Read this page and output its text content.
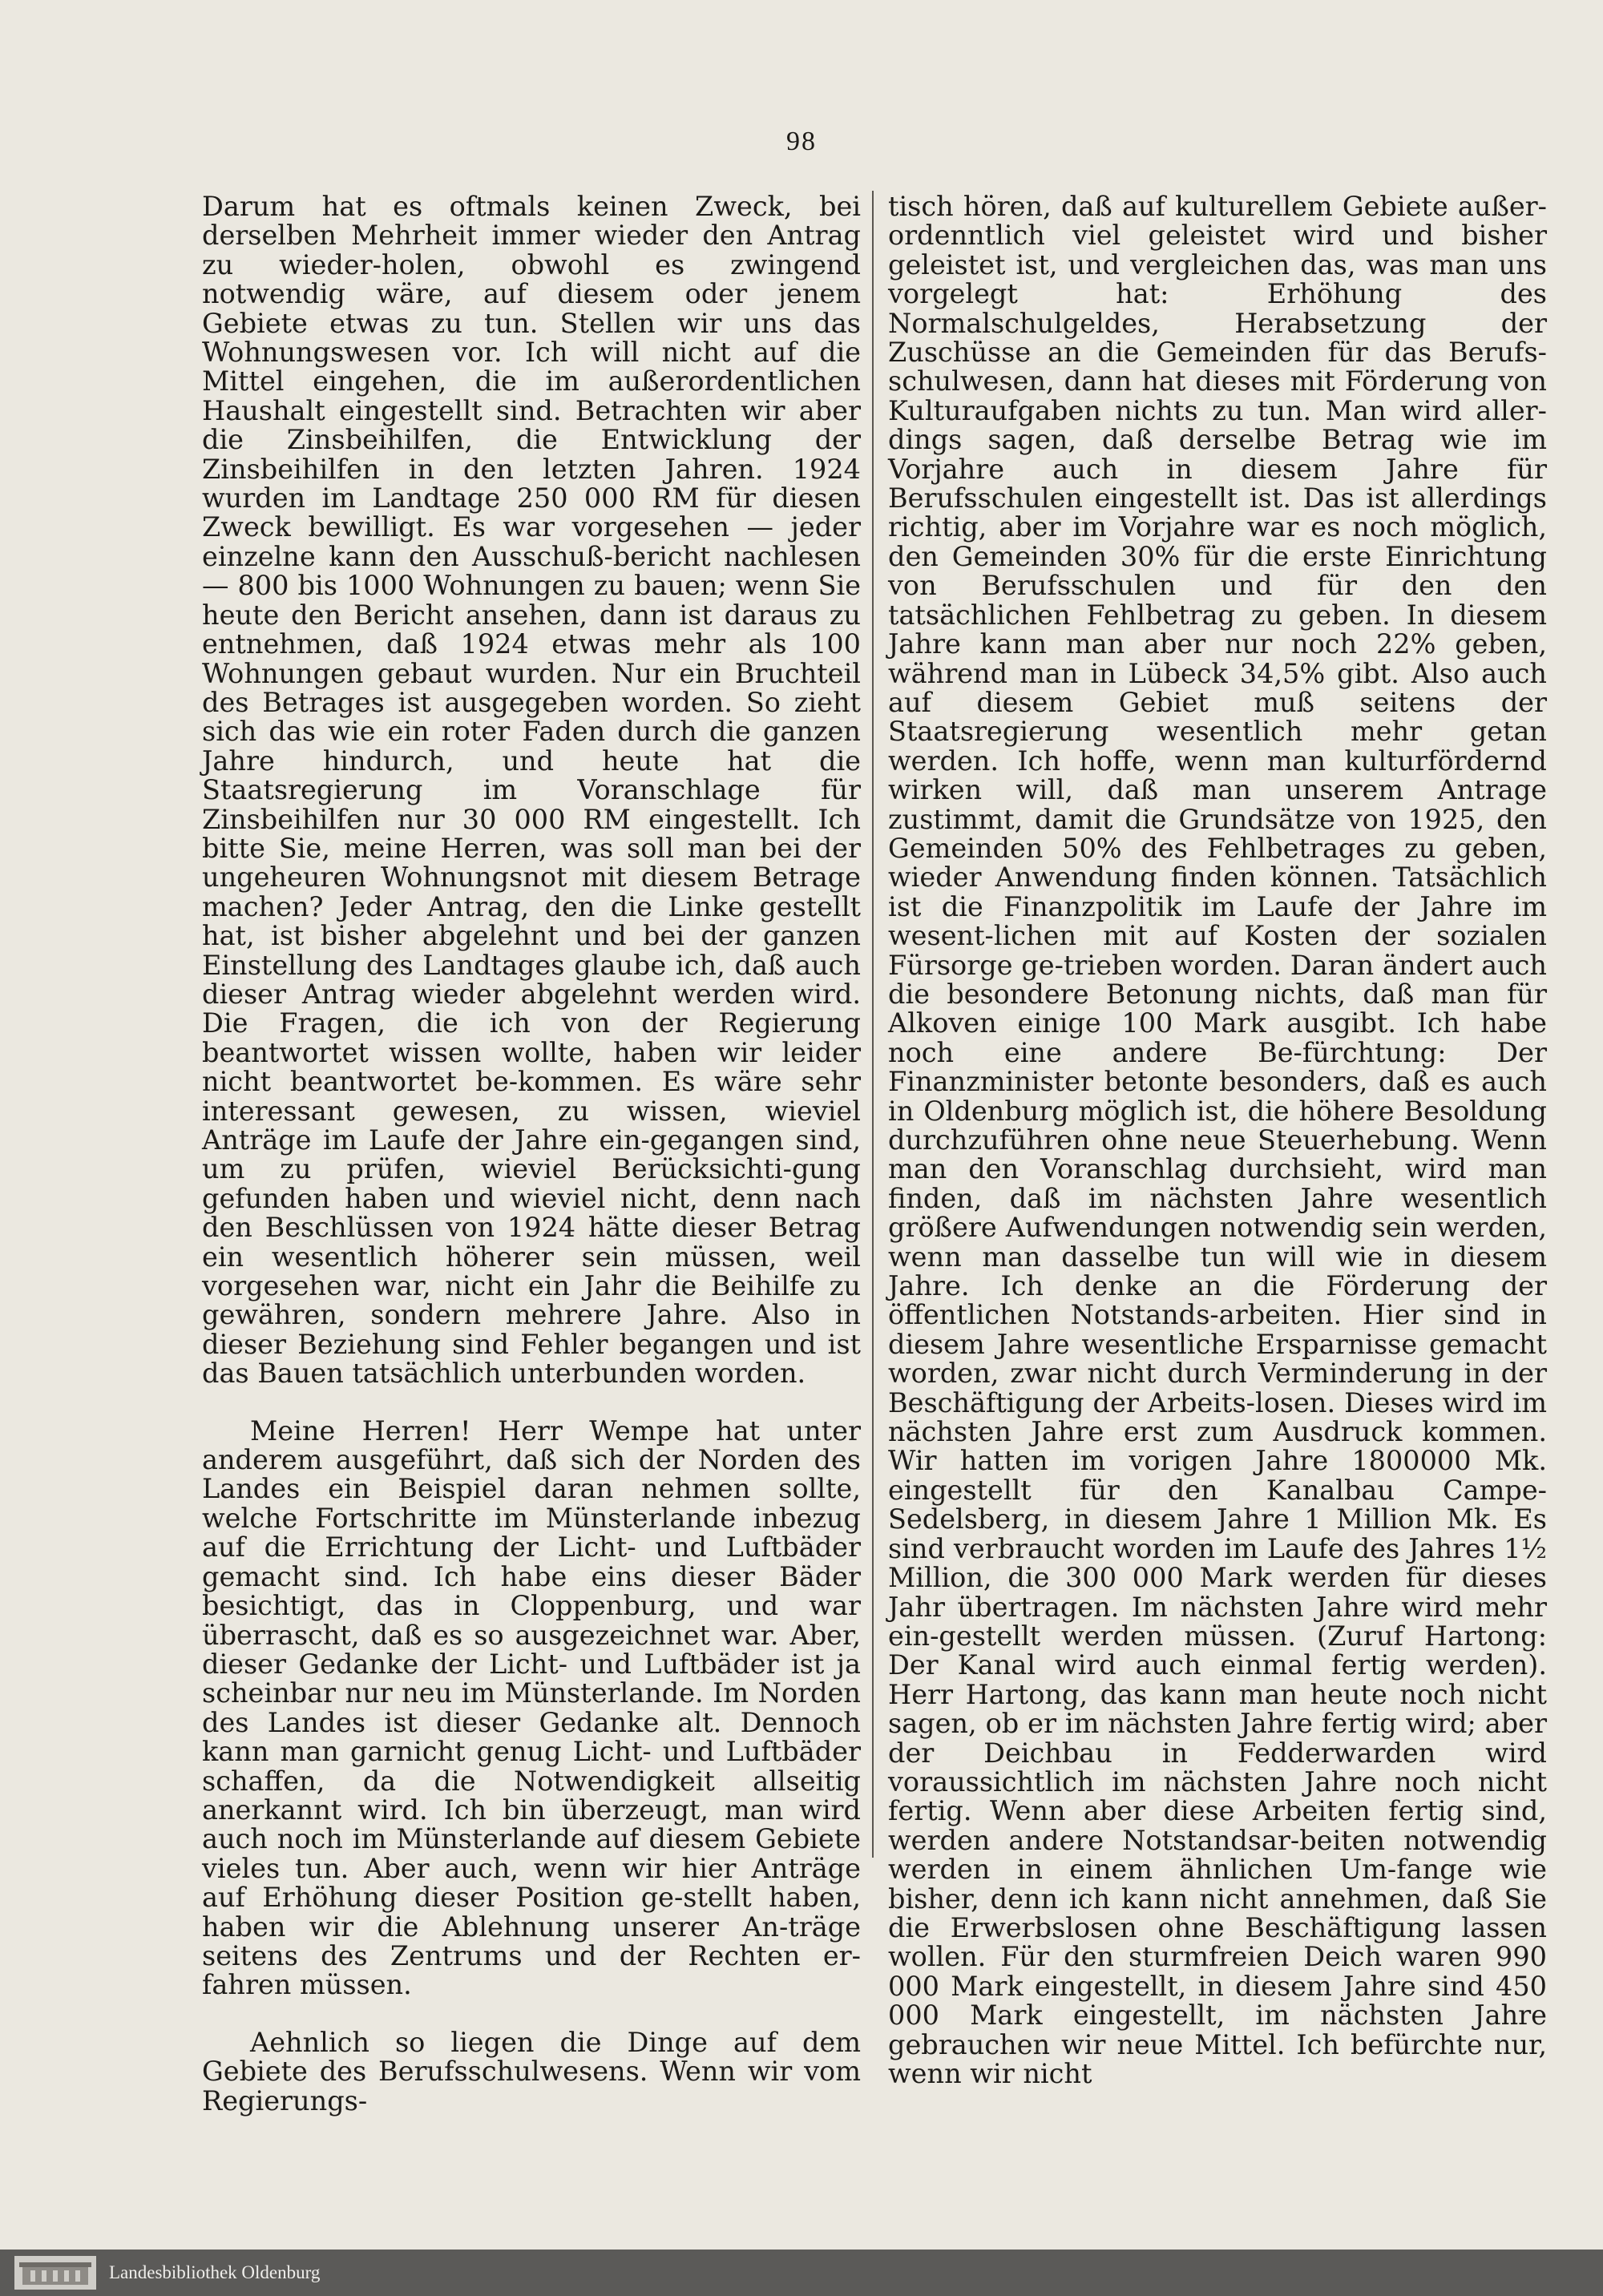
98

Darum hat es oftmals keinen Zweck, bei derselben Mehrheit immer wieder den Antrag zu wieder-holen, obwohl es zwingend notwendig wäre, auf diesem oder jenem Gebiete etwas zu tun. Stellen wir uns das Wohnungswesen vor. Ich will nicht auf die Mittel eingehen, die im außerordentlichen Haushalt eingestellt sind. Betrachten wir aber die Zinsbeihilfen, die Entwicklung der Zinsbeihilfen in den letzten Jahren. 1924 wurden im Landtage 250 000 RM für diesen Zweck bewilligt. Es war vorgesehen — jeder einzelne kann den Ausschuß-bericht nachlesen — 800 bis 1000 Wohnungen zu bauen; wenn Sie heute den Bericht ansehen, dann ist daraus zu entnehmen, daß 1924 etwas mehr als 100 Wohnungen gebaut wurden. Nur ein Bruchteil des Betrages ist ausgegeben worden. So zieht sich das wie ein roter Faden durch die ganzen Jahre hindurch, und heute hat die Staatsregierung im Voranschlage für Zinsbeihilfen nur 30 000 RM eingestellt. Ich bitte Sie, meine Herren, was soll man bei der ungeheuren Wohnungsnot mit diesem Betrage machen? Jeder Antrag, den die Linke gestellt hat, ist bisher abgelehnt und bei der ganzen Einstellung des Landtages glaube ich, daß auch dieser Antrag wieder abgelehnt werden wird. Die Fragen, die ich von der Regierung beantwortet wissen wollte, haben wir leider nicht beantwortet be-kommen. Es wäre sehr interessant gewesen, zu wissen, wieviel Anträge im Laufe der Jahre ein-gegangen sind, um zu prüfen, wieviel Berücksichti-gung gefunden haben und wieviel nicht, denn nach den Beschlüssen von 1924 hätte dieser Betrag ein wesentlich höherer sein müssen, weil vorgesehen war, nicht ein Jahr die Beihilfe zu gewähren, sondern mehrere Jahre. Also in dieser Beziehung sind Fehler begangen und ist das Bauen tatsächlich unterbunden worden.

Meine Herren! Herr Wempe hat unter anderem ausgeführt, daß sich der Norden des Landes ein Beispiel daran nehmen sollte, welche Fortschritte im Münsterlande inbezug auf die Errichtung der Licht- und Luftbäder gemacht sind. Ich habe eins dieser Bäder besichtigt, das in Cloppenburg, und war überrascht, daß es so ausgezeichnet war. Aber, dieser Gedanke der Licht- und Luftbäder ist ja scheinbar nur neu im Münsterlande. Im Norden des Landes ist dieser Gedanke alt. Dennoch kann man garnicht genug Licht- und Luftbäder schaffen, da die Notwendigkeit allseitig anerkannt wird. Ich bin überzeugt, man wird auch noch im Münsterlande auf diesem Gebiete vieles tun. Aber auch, wenn wir hier Anträge auf Erhöhung dieser Position ge-stellt haben, haben wir die Ablehnung unserer An-träge seitens des Zentrums und der Rechten er-fahren müssen.

Aehnlich so liegen die Dinge auf dem Gebiete des Berufsschulwesens. Wenn wir vom Regierungs-

tisch hören, daß auf kulturellem Gebiete außer-ordenntlich viel geleistet wird und bisher geleistet ist, und vergleichen das, was man uns vorgelegt hat: Erhöhung des Normalschulgeldes, Herabsetzung der Zuschüsse an die Gemeinden für das Berufs-schulwesen, dann hat dieses mit Förderung von Kulturaufgaben nichts zu tun. Man wird aller-dings sagen, daß derselbe Betrag wie im Vorjahre auch in diesem Jahre für Berufsschulen eingestellt ist. Das ist allerdings richtig, aber im Vorjahre war es noch möglich, den Gemeinden 30% für die erste Einrichtung von Berufsschulen und für den den tatsächlichen Fehlbetrag zu geben. In diesem Jahre kann man aber nur noch 22% geben, während man in Lübeck 34,5% gibt. Also auch auf diesem Gebiet muß seitens der Staatsregierung wesentlich mehr getan werden. Ich hoffe, wenn man kulturfördernd wirken will, daß man unserem Antrage zustimmt, damit die Grundsätze von 1925, den Gemeinden 50% des Fehlbetrages zu geben, wieder Anwendung finden können. Tatsächlich ist die Finanzpolitik im Laufe der Jahre im wesent-lichen mit auf Kosten der sozialen Fürsorge ge-trieben worden. Daran ändert auch die besondere Betonung nichts, daß man für Alkoven einige 100 Mark ausgibt. Ich habe noch eine andere Be-fürchtung: Der Finanzminister betonte besonders, daß es auch in Oldenburg möglich ist, die höhere Besoldung durchzuführen ohne neue Steuerhebung. Wenn man den Voranschlag durchsieht, wird man finden, daß im nächsten Jahre wesentlich größere Aufwendungen notwendig sein werden, wenn man dasselbe tun will wie in diesem Jahre. Ich denke an die Förderung der öffentlichen Notstands-arbeiten. Hier sind in diesem Jahre wesentliche Ersparnisse gemacht worden, zwar nicht durch Verminderung in der Beschäftigung der Arbeits-losen. Dieses wird im nächsten Jahre erst zum Ausdruck kommen. Wir hatten im vorigen Jahre 1800000 Mk. eingestellt für den Kanalbau Campe-Sedelsberg, in diesem Jahre 1 Million Mk. Es sind verbraucht worden im Laufe des Jahres 1½ Million, die 300 000 Mark werden für dieses Jahr übertragen. Im nächsten Jahre wird mehr ein-gestellt werden müssen. (Zuruf Hartong: Der Kanal wird auch einmal fertig werden). Herr Hartong, das kann man heute noch nicht sagen, ob er im nächsten Jahre fertig wird; aber der Deichbau in Fedderwarden wird voraussichtlich im nächsten Jahre noch nicht fertig. Wenn aber diese Arbeiten fertig sind, werden andere Notstandsar-beiten notwendig werden in einem ähnlichen Um-fange wie bisher, denn ich kann nicht annehmen, daß Sie die Erwerbslosen ohne Beschäftigung lassen wollen. Für den sturmfreien Deich waren 990 000 Mark eingestellt, in diesem Jahre sind 450 000 Mark eingestellt, im nächsten Jahre gebrauchen wir neue Mittel. Ich befürchte nur, wenn wir nicht

Landesbibliothek Oldenburg
